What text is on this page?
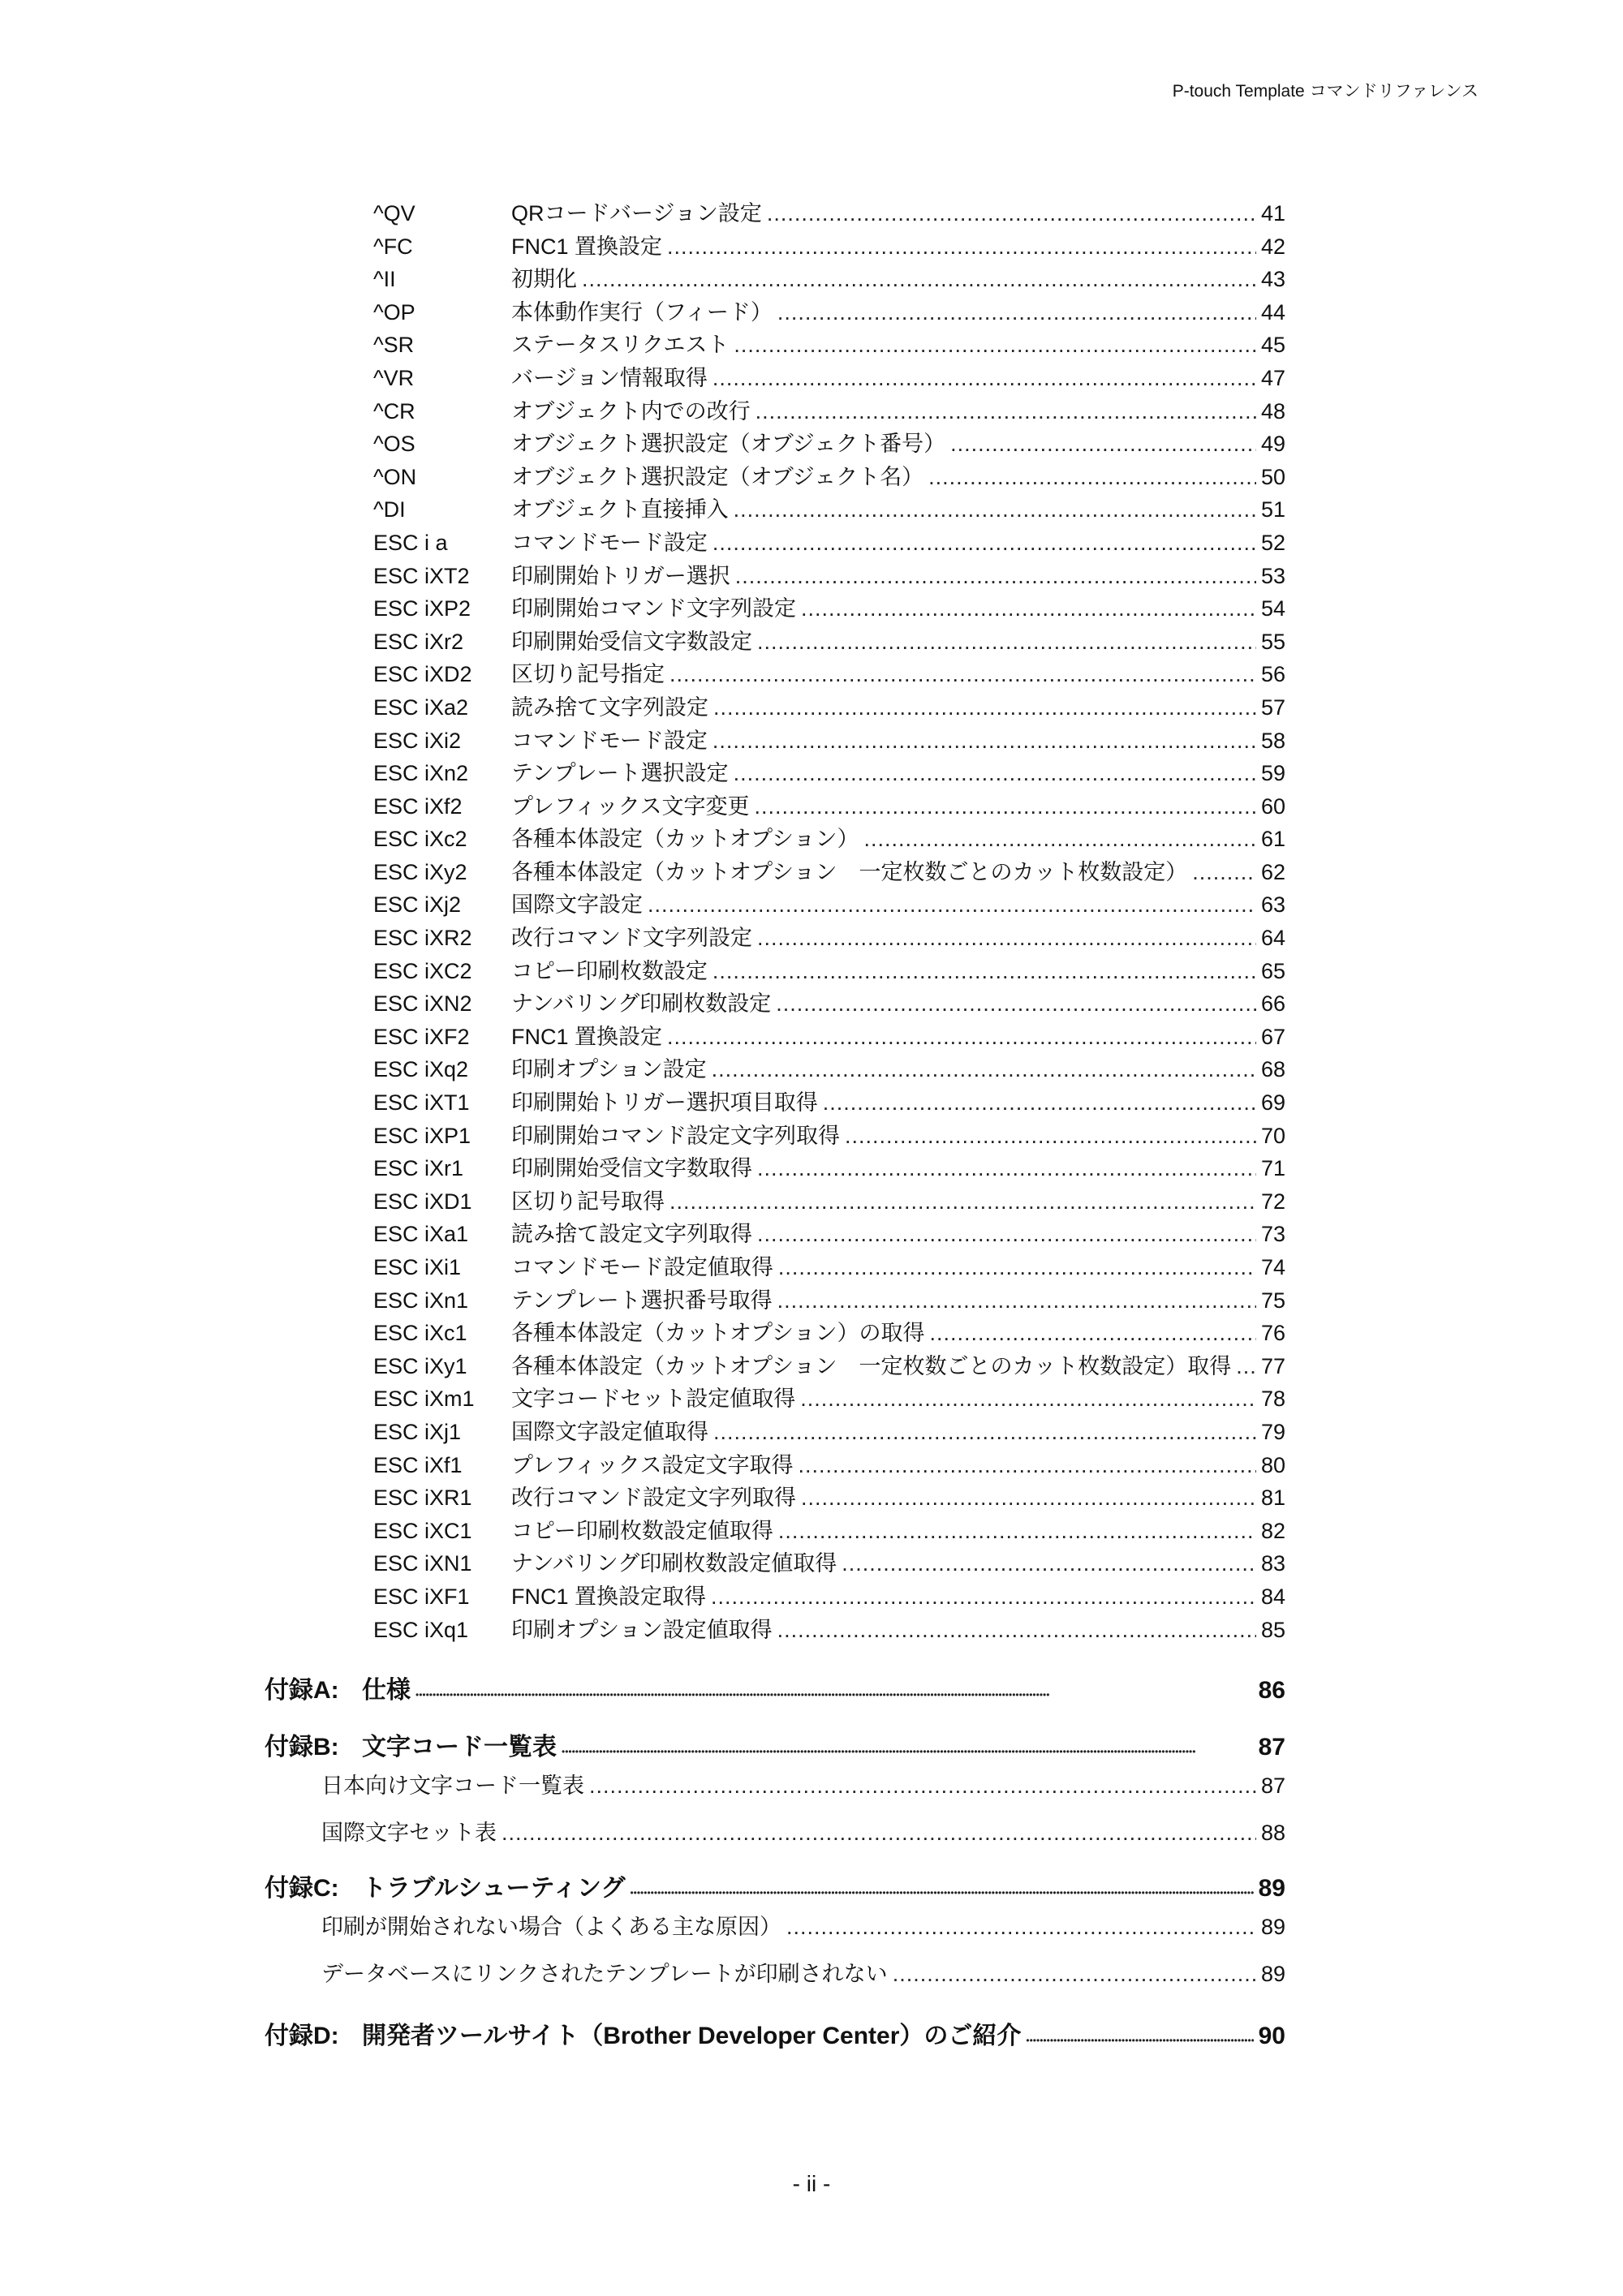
P-touch Template コマンドリファレンス
^QV	QRコードバージョン設定 .....	41
^FC	FNC1 置換設定 .....	42
^II	初期化 .....	43
^OP	本体動作実行（フィード） .....	44
^SR	ステータスリクエスト .....	45
^VR	バージョン情報取得 .....	47
^CR	オブジェクト内での改行 .....	48
^OS	オブジェクト選択設定（オブジェクト番号） .....	49
^ON	オブジェクト選択設定（オブジェクト名） .....	50
^DI	オブジェクト直接挿入 .....	51
ESC i a	コマンドモード設定 .....	52
ESC iXT2 印刷開始トリガー選択 .....	53
ESC iXP2 印刷開始コマンド文字列設定 .....	54
ESC iXr2 印刷開始受信文字数設定 .....	55
ESC iXD2 区切り記号指定 .....	56
ESC iXa2 読み捨て文字列設定 .....	57
ESC iXi2 コマンドモード設定 .....	58
ESC iXn2 テンプレート選択設定 .....	59
ESC iXf2 プレフィックス文字変更 .....	60
ESC iXc2 各種本体設定（カットオプション） .....	61
ESC iXy2 各種本体設定（カットオプション　一定枚数ごとのカット枚数設定） .....	62
ESC iXj2 国際文字設定 .....	63
ESC iXR2 改行コマンド文字列設定 .....	64
ESC iXC2 コピー印刷枚数設定 .....	65
ESC iXN2 ナンバリング印刷枚数設定 .....	66
ESC iXF2 FNC1 置換設定 .....	67
ESC iXq2 印刷オプション設定 .....	68
ESC iXT1 印刷開始トリガー選択項目取得 .....	69
ESC iXP1 印刷開始コマンド設定文字列取得 .....	70
ESC iXr1 印刷開始受信文字数取得 .....	71
ESC iXD1 区切り記号取得 .....	72
ESC iXa1 読み捨て設定文字列取得 .....	73
ESC iXi1 コマンドモード設定値取得 .....	74
ESC iXn1 テンプレート選択番号取得 .....	75
ESC iXc1 各種本体設定（カットオプション）の取得 .....	76
ESC iXy1 各種本体設定（カットオプション　一定枚数ごとのカット枚数設定）取得 ..... 77
ESC iXm1 文字コードセット設定値取得 .....	78
ESC iXj1 国際文字設定値取得 .....	79
ESC iXf1 プレフィックス設定文字取得 .....	80
ESC iXR1 改行コマンド設定文字列取得 .....	81
ESC iXC1 コピー印刷枚数設定値取得 .....	82
ESC iXN1 ナンバリング印刷枚数設定値取得 .....	83
ESC iXF1 FNC1 置換設定取得 .....	84
ESC iXq1 印刷オプション設定値取得 .....	85
付録A: 仕様 •••••	86
付録B: 文字コード一覧表 •••••	87
日本向け文字コード一覧表 .....	87
国際文字セット表 .....	88
付録C: トラブルシューティング •••••	89
印刷が開始されない場合（よくある主な原因） .....	89
データベースにリンクされたテンプレートが印刷されない .....	89
付録D: 開発者ツールサイト（Brother Developer Center）のご紹介 •••••	90
- ii -
